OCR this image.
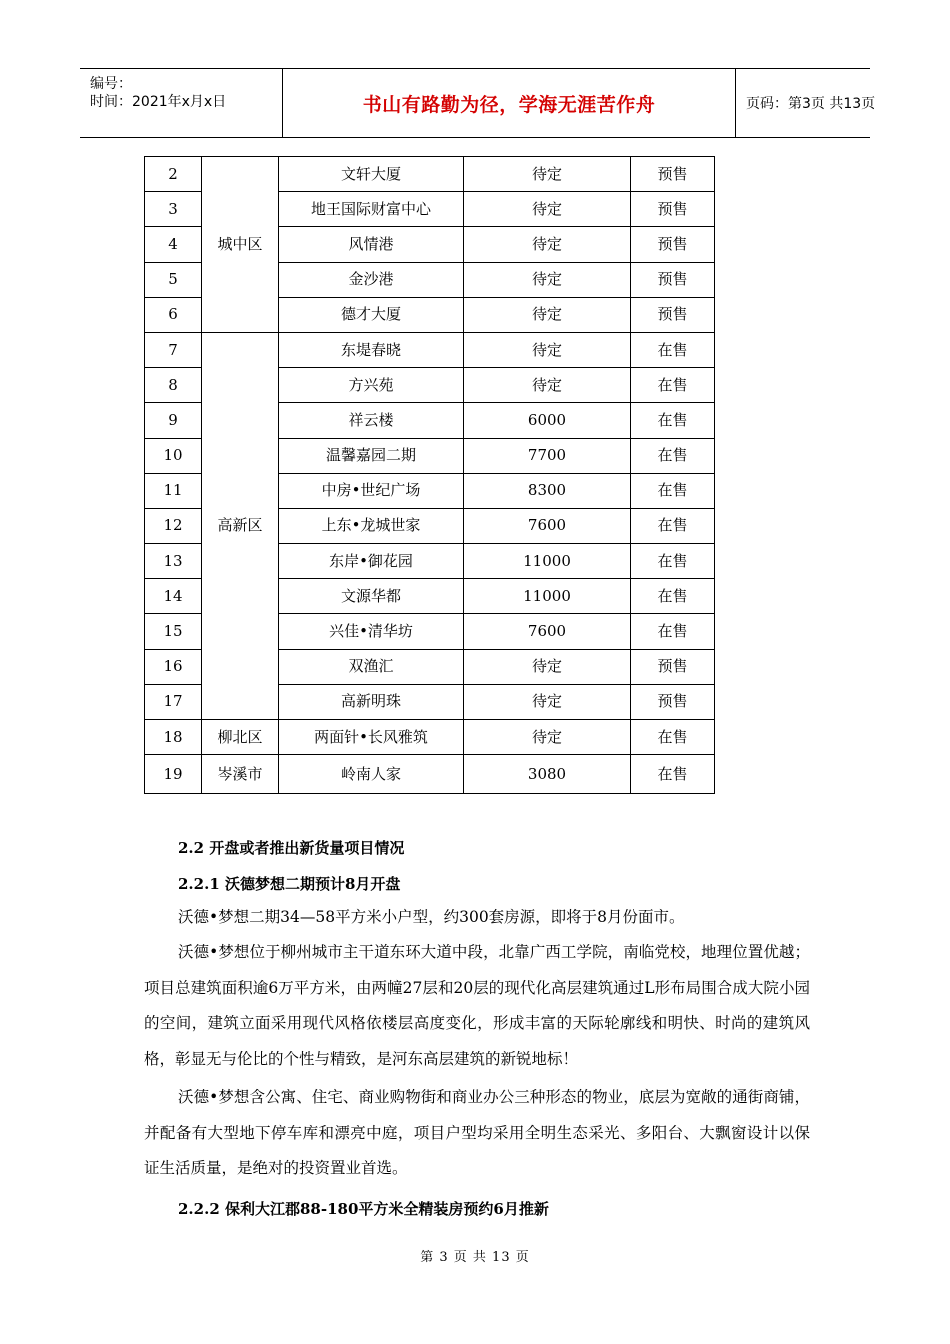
编号：
时间：2021年x月x日	书山有路勤为径，学海无涯苦作舟	页码：第3页 共13页
2	城中区	文轩大厦	待定	预售
3		地王国际财富中心	待定	预售
4		风情港	待定	预售
5		金沙港	待定	预售
6		德才大厦	待定	预售
7	高新区	东堤春晓	待定	在售
8		方兴苑	待定	在售
9		祥云楼	6000	在售
10		温馨嘉园二期	7700	在售
11		中房•世纪广场	8300	在售
12		上东•龙城世家	7600	在售
13		东岸•御花园	11000	在售
14		文源华都	11000	在售
15		兴佳•清华坊	7600	在售
16		双渔汇	待定	预售
17		高新明珠	待定	预售
18	柳北区	两面针•长风雅筑	待定	在售
19	岑溪市	岭南人家	3080	在售
2.2 开盘或者推出新货量项目情况
2.2.1 沃德梦想二期预计8月开盘
沃德•梦想二期34—58平方米小户型，约300套房源，即将于8月份面市。
沃德•梦想位于柳州城市主干道东环大道中段，北靠广西工学院，南临党校，地理位置优越；项目总建筑面积逾6万平方米，由两幢27层和20层的现代化高层建筑通过L形布局围合成大院小园的空间，建筑立面采用现代风格依楼层高度变化，形成丰富的天际轮廓线和明快、时尚的建筑风格，彰显无与伦比的个性与精致，是河东高层建筑的新锐地标！
沃德•梦想含公寓、住宅、商业购物街和商业办公三种形态的物业，底层为宽敞的通街商铺，并配备有大型地下停车库和漂亮中庭，项目户型均采用全明生态采光、多阳台、大飘窗设计以保证生活质量，是绝对的投资置业首选。
2.2.2 保利大江郡88-180平方米全精装房预约6月推新
第 3 页 共 13 页
